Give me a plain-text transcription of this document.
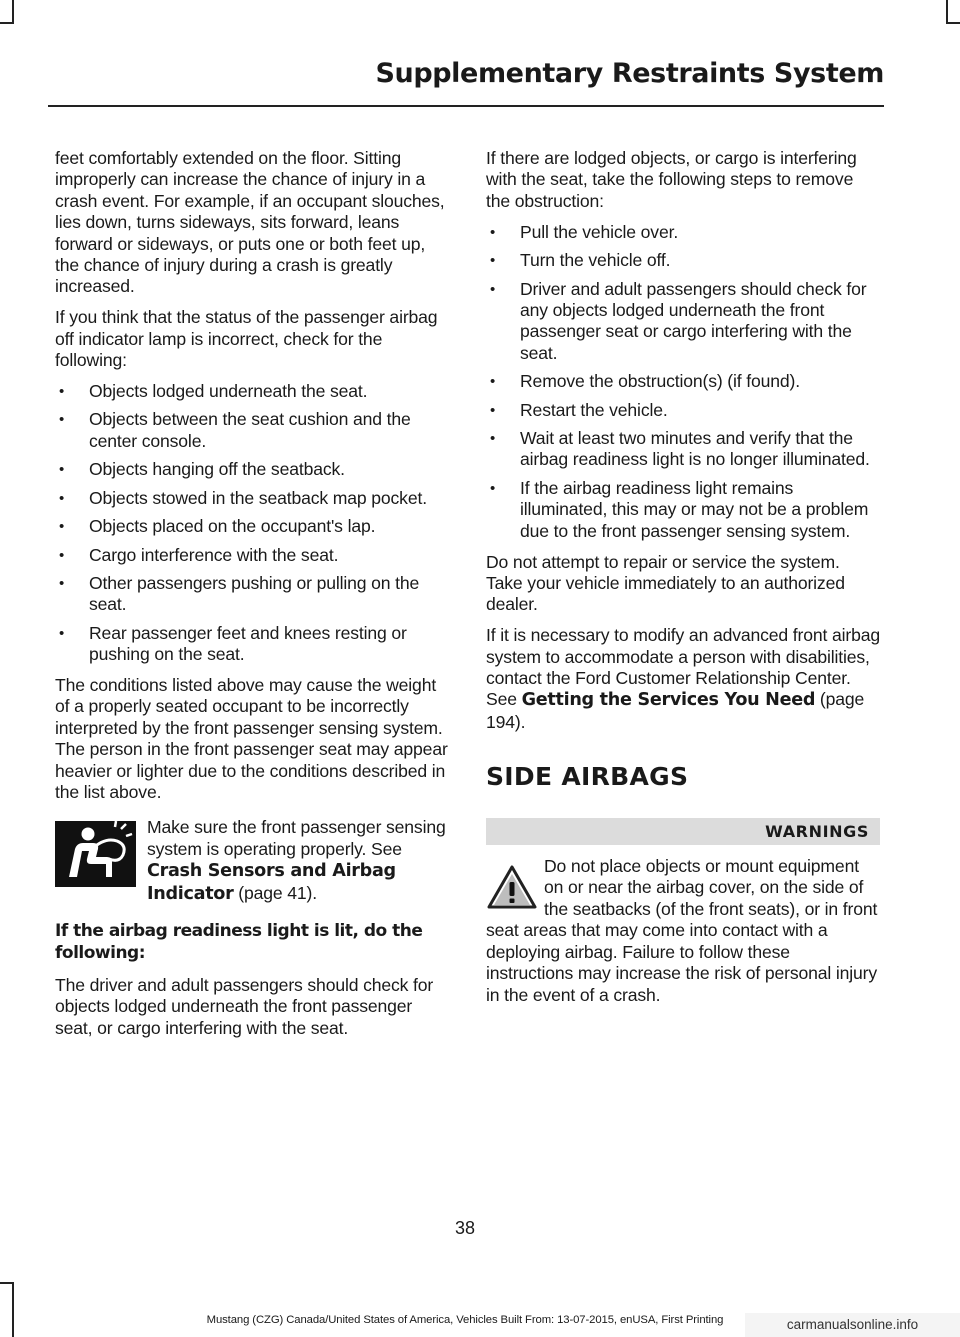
Supplementary Restraints System

feet comfortably extended on the floor. Sitting improperly can increase the chance of injury in a crash event. For example, if an occupant slouches, lies down, turns sideways, sits forward, leans forward or sideways, or puts one or both feet up, the chance of injury during a crash is greatly increased.

If you think that the status of the passenger airbag off indicator lamp is incorrect, check for the following:

• Objects lodged underneath the seat.
• Objects between the seat cushion and the center console.
• Objects hanging off the seatback.
• Objects stowed in the seatback map pocket.
• Objects placed on the occupant's lap.
• Cargo interference with the seat.
• Other passengers pushing or pulling on the seat.
• Rear passenger feet and knees resting or pushing on the seat.

The conditions listed above may cause the weight of a properly seated occupant to be incorrectly interpreted by the front passenger sensing system. The person in the front passenger seat may appear heavier or lighter due to the conditions described in the list above.

Make sure the front passenger sensing system is operating properly. See Crash Sensors and Airbag Indicator (page 41).
If the airbag readiness light is lit, do the following:

The driver and adult passengers should check for objects lodged underneath the front passenger seat, or cargo interfering with the seat.

If there are lodged objects, or cargo is interfering with the seat, take the following steps to remove the obstruction:

• Pull the vehicle over.
• Turn the vehicle off.
• Driver and adult passengers should check for any objects lodged underneath the front passenger seat or cargo interfering with the seat.
• Remove the obstruction(s) (if found).
• Restart the vehicle.
• Wait at least two minutes and verify that the airbag readiness light is no longer illuminated.
• If the airbag readiness light remains illuminated, this may or may not be a problem due to the front passenger sensing system.

Do not attempt to repair or service the system. Take your vehicle immediately to an authorized dealer.

If it is necessary to modify an advanced front airbag system to accommodate a person with disabilities, contact the Ford Customer Relationship Center. See Getting the Services You Need (page 194).

SIDE AIRBAGS
WARNINGS
Do not place objects or mount equipment on or near the airbag cover, on the side of the seatbacks (of the front seats), or in front seat areas that may come into contact with a deploying airbag. Failure to follow these instructions may increase the risk of personal injury in the event of a crash.
38
Mustang (CZG) Canada/United States of America, Vehicles Built From: 13-07-2015, enUSA, First Printing	carmanualsonline.info
